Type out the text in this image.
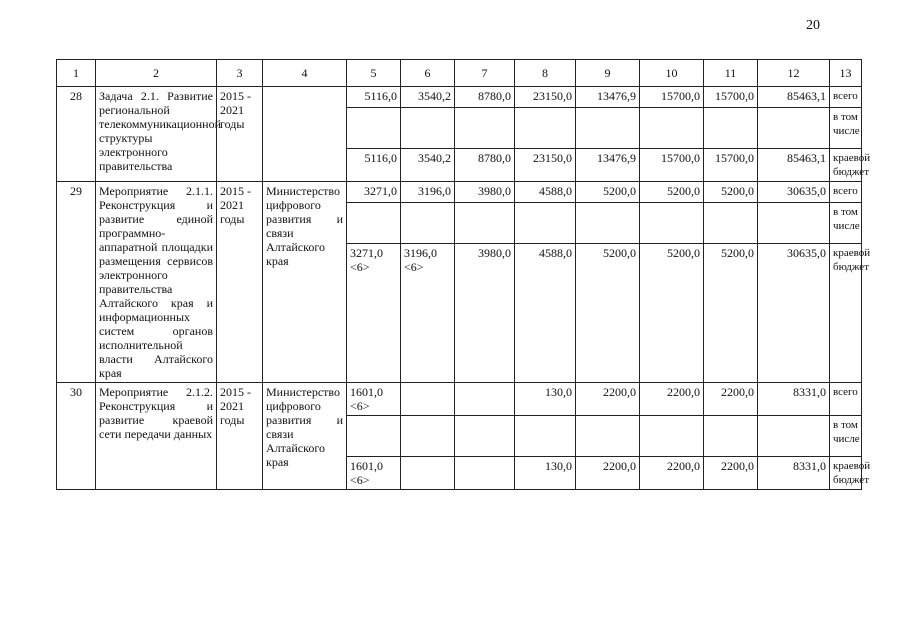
20
1	2	3	4	5	6	7	8	9	10	11	12	13
28	Задача 2.1. Развитие региональной телекоммуникационной структуры электронного правительства	2015 - 2021 годы		5116,0	3540,2	8780,0	23150,0	13476,9	15700,0	15700,0	85463,1	всего
												в том числе
				5116,0	3540,2	8780,0	23150,0	13476,9	15700,0	15700,0	85463,1	краевой бюджет
29	Мероприятие 2.1.1. Реконструкция и развитие единой программно-аппаратной площадки размещения сервисов электронного правительства Алтайского края и информационных систем органов исполнительной власти Алтайского края	2015 - 2021 годы	Министерство цифрового развития и связи Алтайского края	3271,0	3196,0	3980,0	4588,0	5200,0	5200,0	5200,0	30635,0	всего
												в том числе
				3271,0 <6>	3196,0 <6>	3980,0	4588,0	5200,0	5200,0	5200,0	30635,0	краевой бюджет
30	Мероприятие 2.1.2. Реконструкция и развитие краевой сети передачи данных	2015 - 2021 годы	Министерство цифрового развития и связи Алтайского края	1601,0 <6>			130,0	2200,0	2200,0	2200,0	8331,0	всего
												в том числе
				1601,0 <6>			130,0	2200,0	2200,0	2200,0	8331,0	краевой бюджет
